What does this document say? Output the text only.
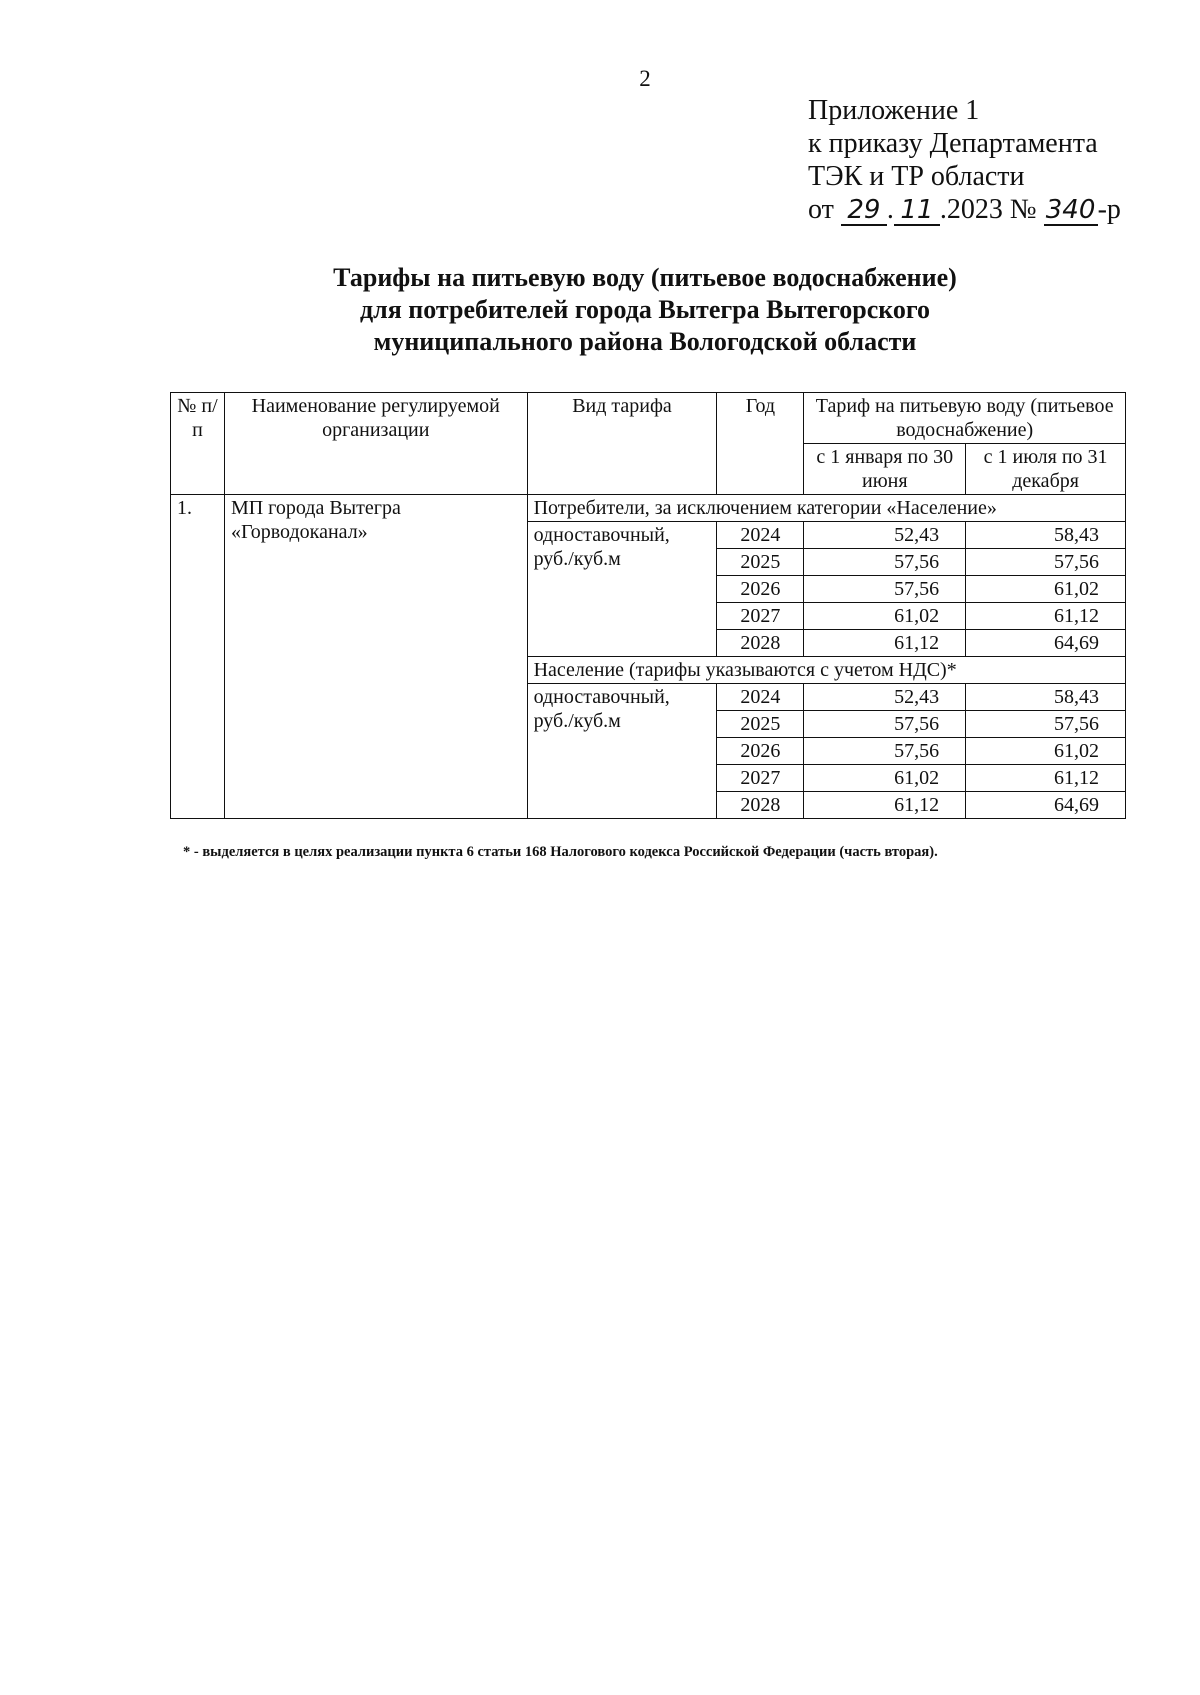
2
Приложение 1
к приказу Департамента
ТЭК и ТР области
от 29 . 11 .2023 № 340-р
Тарифы на питьевую воду (питьевое водоснабжение)
для потребителей города Вытегра Вытегорского
муниципального района Вологодской области
№ п/п	Наименование регулируемой организации	Вид тарифа	Год	Тариф на питьевую воду (питьевое водоснабжение)	
				с 1 января по 30 июня	с 1 июля по 31 декабря
1.	МП города Вытегра «Горводоканал»	Потребители, за исключением категории «Население»			
		одноставочный, руб./куб.м	2024	52,43	58,43
			2025	57,56	57,56
			2026	57,56	61,02
			2027	61,02	61,12
			2028	61,12	64,69
		Население (тарифы указываются с учетом НДС)*			
		одноставочный, руб./куб.м	2024	52,43	58,43
			2025	57,56	57,56
			2026	57,56	61,02
			2027	61,02	61,12
			2028	61,12	64,69
* - выделяется в целях реализации пункта 6 статьи 168 Налогового кодекса Российской Федерации (часть вторая).
